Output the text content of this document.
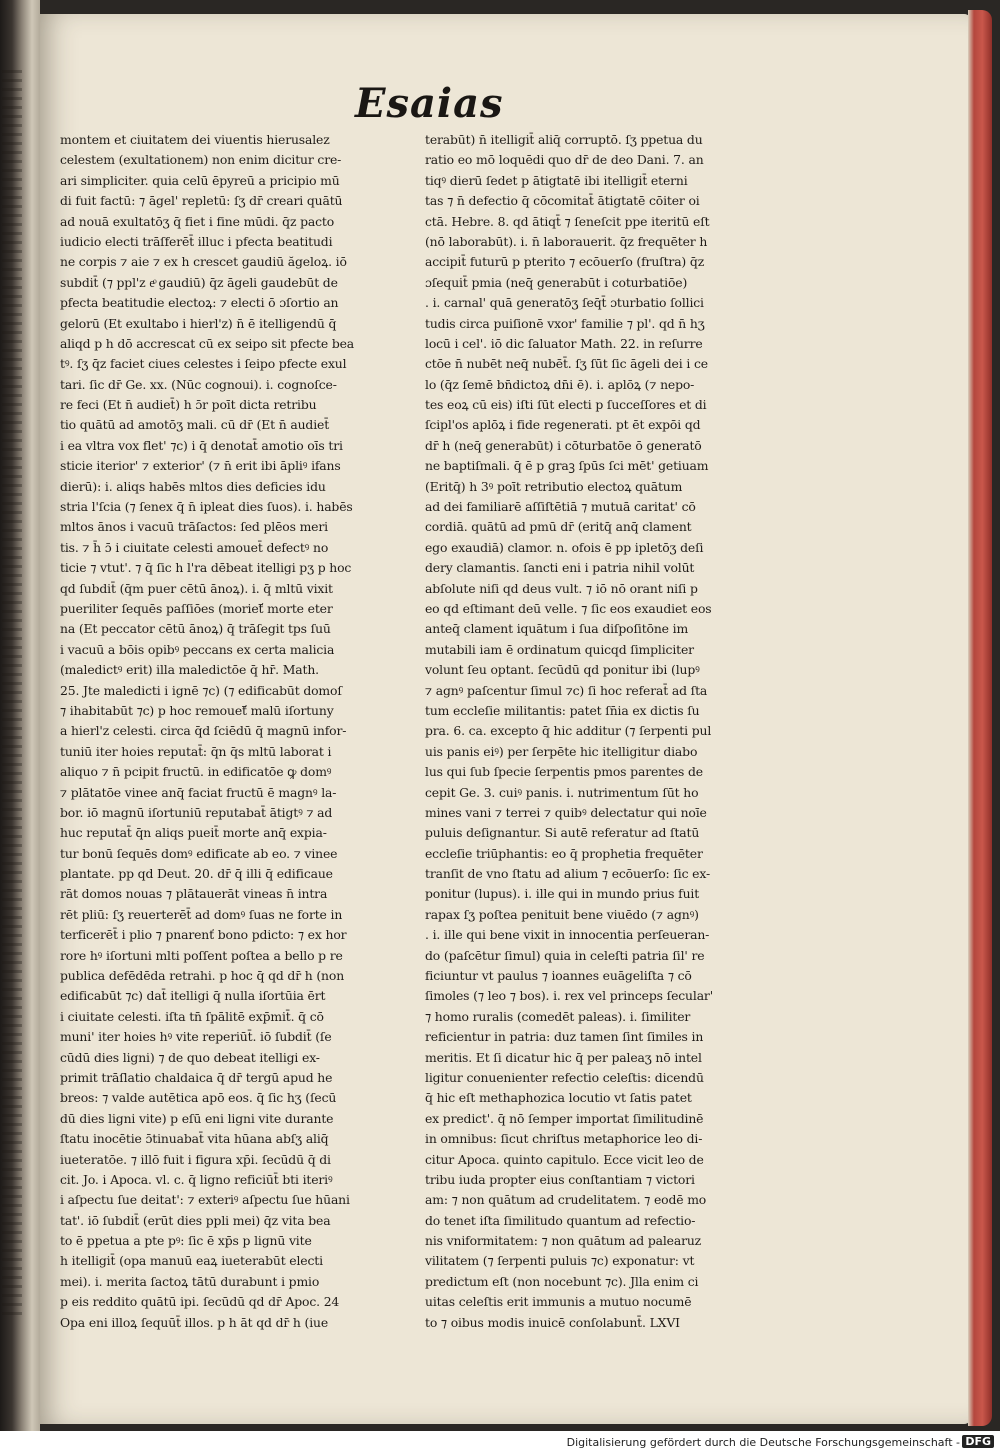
Esaias
montem et ciuitatem dei viuentis hierusalez
celestem (exultationem) non enim dicitur cre-
ari simpliciter. quia celū ēpyreū a pricipio mū
di fuit factū: ⁊ āgel' repletū: ſʒ dr̄ creari quātū
ad nouā exultatōʒ q̄ fiet i fine mūdi. q̄z pacto
iudicio electi trāſferēt̄ illuc i pfecta beatitudi
ne corpis ⁊ aie ⁊ ex h crescet gaudiū ăgeloꝝ. iō
subdit̄ (⁊ ppl'z eͦ gaudiū) q̄z āgeli gaudebūt de
pfecta beatitudie electoꝝ: ⁊ electi ō ɔſortio an
gelorū (Et exultabo i hierl'z) n̄ ē itelligendū q̄
aliqd p h dō accrescat cū ex seipo sit pfecte bea
tꝰ. ſʒ q̄z faciet ciues celestes i ſeipo pfecte exul
tari. ſic dr̄ Ge. xx. (Nūc cognoui). i. cognoſce-
re feci (Et n̄ audiet̄) h ɔ̄r poīt dicta retribu
tio quātū ad amotōʒ mali. cū dr̄ (Et n̄ audiet̄
i ea vltra vox flet' ⁊c) i q̄ denotat̄ amotio oīs tri
sticie iterior' ⁊ exterior' (⁊ n̄ erit ibi āpliꝰ ifans
dierū): i. aliqs habēs mltos dies deficies idu
stria l'ſcia (⁊ ſenex q̄ n̄ ipleat dies ſuos). i. habēs
mltos ānos i vacuū trāſactos: ſed plēos meri
tis. ⁊ h̄ ɔ̄ i ciuitate celesti amouet̄ defectꝰ no
ticie ⁊ vtut'. ⁊ q̄ ſic h l'ra dēbeat itelligi pʒ p hoc
qd ſubdit̄ (q̄m puer cētū ānoꝝ). i. q̄ mltū vixit
pueriliter ſequēs paſſiōes (morieť̄ morte eter
na (Et peccator cētū ānoꝝ) q̄ trāſegit tps ſuū
i vacuū a bōis opibꝰ peccans ex certa malicia
(maledictꝰ erit) illa maledictōe q̄ hr̄. Math.
25. Jte maledicti i ignē ⁊c) (⁊ edificabūt domoſ
⁊ ihabitabūt ⁊c) p hoc remoueť̄ malū iſortuny
a hierl'z celesti. circa q̄d ſciēdū q̄ magnū infor-
tuniū iter hoies reputat̄: q̄n q̄s mltū laborat i
aliquo ⁊ n̄ pcipit fructū. in edificatōe ꝙ domꝰ
⁊ plātatōe vinee anq̄ faciat fructū ē magnꝰ la-
bor. iō magnū iſortuniū reputabat̄ ātigtꝰ ⁊ ad
huc reputat̄ q̄n aliqs pueit̄ morte anq̄ expia-
tur bonū ſequēs domꝰ edificate ab eo. ⁊ vinee
plantate. pp qd Deut. 20. dr̄ q̄ illi q̄ edificaue
rāt domos nouas ⁊ plātauerāt vineas n̄ intra
rēt pliū: ſʒ reuerterēt̄ ad domꝰ ſuas ne forte in
terficerēt̄ i plio ⁊ pnarenť bono pdicto: ⁊ ex hor
rore hꝰ iſortuni mlti poſſent poſtea a bello p re
publica defēdēda retrahi. p hoc q̄ qd dr̄ h (non
edificabūt ⁊c) dat̄ itelligi q̄ nulla iſortūia ērt
i ciuitate celesti. iſta tn̄ ſpālitē exp̄mit̄. q̄ cō
muni' iter hoies hꝰ vite reperiūt̄. iō ſubdit̄ (ſe
cūdū dies ligni) ⁊ de quo debeat itelligi ex-
primit trāſlatio chaldaica q̄ dr̄ tergū apud he
breos: ⁊ valde autētica apō eos. q̄ ſic hʒ (ſecū
dū dies ligni vite) p eſū eni ligni vite durante
ſtatu inocētie ɔ̄tinuabat̄ vita hūana abſʒ aliq̄
iueteratōe. ⁊ illō fuit i figura xp̄i. ſecūdū q̄ di
cit. Jo. i Apoca. vl. c. q̄ ligno reficiūt̄ bti iteriꝰ
i aſpectu ſue deitat': ⁊ exteriꝰ aſpectu ſue hūani
tat'. iō ſubdit̄ (erūt dies ppli mei) q̄z vita bea
to ē ppetua a pte pꝰ: ſic ē xp̄s p lignū vite
h itelligit̄ (opa manuū eaꝝ iueterabūt electi
mei). i. merita ſactoꝝ tātū durabunt i pmio
p eis reddito quātū ipi. ſecūdū qd dr̄ Apoc. 24
Opa eni illoꝝ ſequūt̄ illos. p h āt qd dr̄ h (iue
terabūt) n̄ itelligit̄ aliq̄ corruptō. ſʒ ppetua du
ratio eo mō loquēdi quo dr̄ de deo Dani. 7. an
tiqꝰ dierū ſedet p ātigtatē ibi itelligit̄ eterni
tas ⁊ n̄ defectio q̄ cōcomitat̄ ātigtatē cōiter oi
ctā. Hebre. 8. qd ātiqt̄ ⁊ ſeneſcit ppe iteritū eſt
(nō laborabūt). i. n̄ laborauerit. q̄z frequēter h
accipit̄ futurū p pterito ⁊ ecōuerſo (fruſtra) q̄z
ɔſequit̄ pmia (neq̄ generabūt i coturbatiōe)
. i. carnal' quā generatōʒ ſeq̄t̄ ɔturbatio ſollici
tudis circa puiſionē vxor' familie ⁊ pl'. qd n̄ hʒ
locū i cel'. iō dic ſaluator Math. 22. in reſurre
ctōe n̄ nubēt neq̄ nubēt̄. ſʒ ſūt ſic āgeli dei i ce
lo (q̄z ſemē bn̄dictoꝝ dn̄i ē). i. aplōꝝ (⁊ nepo-
tes eoꝝ cū eis) iſti ſūt electi p ſucceſſores et di
ſcipl'os aplōꝝ i fide regenerati. pt ēt expōi qd
dr̄ h (neq̄ generabūt) i cōturbatōe ō generatō
ne baptiſmali. q̄ ē p graꝫ ſpūs ſci mēt' getiuam
(Eritq̄) h 3ꝰ poīt retributio electoꝝ quātum
ad dei familiarē aſſiſtētiā ⁊ mutuā caritat' cō
cordiā. quātū ad pmū dr̄ (eritq̄ anq̄ clament
ego exaudiā) clamor. n. ofois ē pp ipletōʒ deſi
dery clamantis. ſancti eni i patria nihil volūt
abſolute niſi qd deus vult. ⁊ iō nō orant niſi p
eo qd eſtimant deū velle. ⁊ ſic eos exaudiet eos
anteq̄ clament iquātum i ſua diſpoſitōne im
mutabili iam ē ordinatum quicqd ſimpliciter
volunt ſeu optant. ſecūdū qd ponitur ibi (lupꝰ
⁊ agnꝰ paſcentur ſimul ⁊c) ſi hoc referat̄ ad ſta
tum eccleſie militantis: patet ſn̄ia ex dictis ſu
pra. 6. ca. excepto q̄ hic additur (⁊ ſerpenti pul
uis panis eiꝰ) per ſerpēte hic itelligitur diabo
lus qui ſub ſpecie ſerpentis pmos parentes de
cepit Ge. 3. cuiꝰ panis. i. nutrimentum ſūt ho
mines vani ⁊ terrei ⁊ quibꝰ delectatur qui noīe
puluis deſignantur. Si autē referatur ad ſtatū
eccleſie triūphantis: eo q̄ prophetia frequēter
tranſit de vno ſtatu ad alium ⁊ ecōuerſo: ſic ex-
ponitur (lupus). i. ille qui in mundo prius fuit
rapax ſʒ poſtea penituit bene viuēdo (⁊ agnꝰ)
. i. ille qui bene vixit in innocentia perſeueran-
do (paſcētur ſimul) quia in celeſti patria ſil' re
ficiuntur vt paulus ⁊ ioannes euāgeliſta ⁊ cō
ſimoles (⁊ leo ⁊ bos). i. rex vel princeps ſecular'
⁊ homo ruralis (comedēt paleas). i. ſimiliter
reficientur in patria: duz tamen ſint ſimiles in
meritis. Et ſi dicatur hic q̄ per paleaʒ nō intel
ligitur conuenienter refectio celeſtis: dicendū
q̄ hic eſt methaphozica locutio vt ſatis patet
ex predict'. q̄ nō ſemper importat ſimilitudinē
in omnibus: ſicut chriſtus metaphorice leo di-
citur Apoca. quinto capitulo. Ecce vicit leo de
tribu iuda propter eius conſtantiam ⁊ victori
am: ⁊ non quātum ad crudelitatem. ⁊ eodē mo
do tenet iſta ſimilitudo quantum ad refectio-
nis vniformitatem: ⁊ non quātum ad palearuz
vilitatem (⁊ ſerpenti puluis ⁊c) exponatur: vt
predictum eſt (non nocebunt ⁊c). Jlla enim ci
uitas celeſtis erit immunis a mutuo nocumē
to ⁊ oibus modis inuicē conſolabunt̄. LXVI
Digitalisierung gefördert durch die Deutsche Forschungsgemeinschaft - DFG
